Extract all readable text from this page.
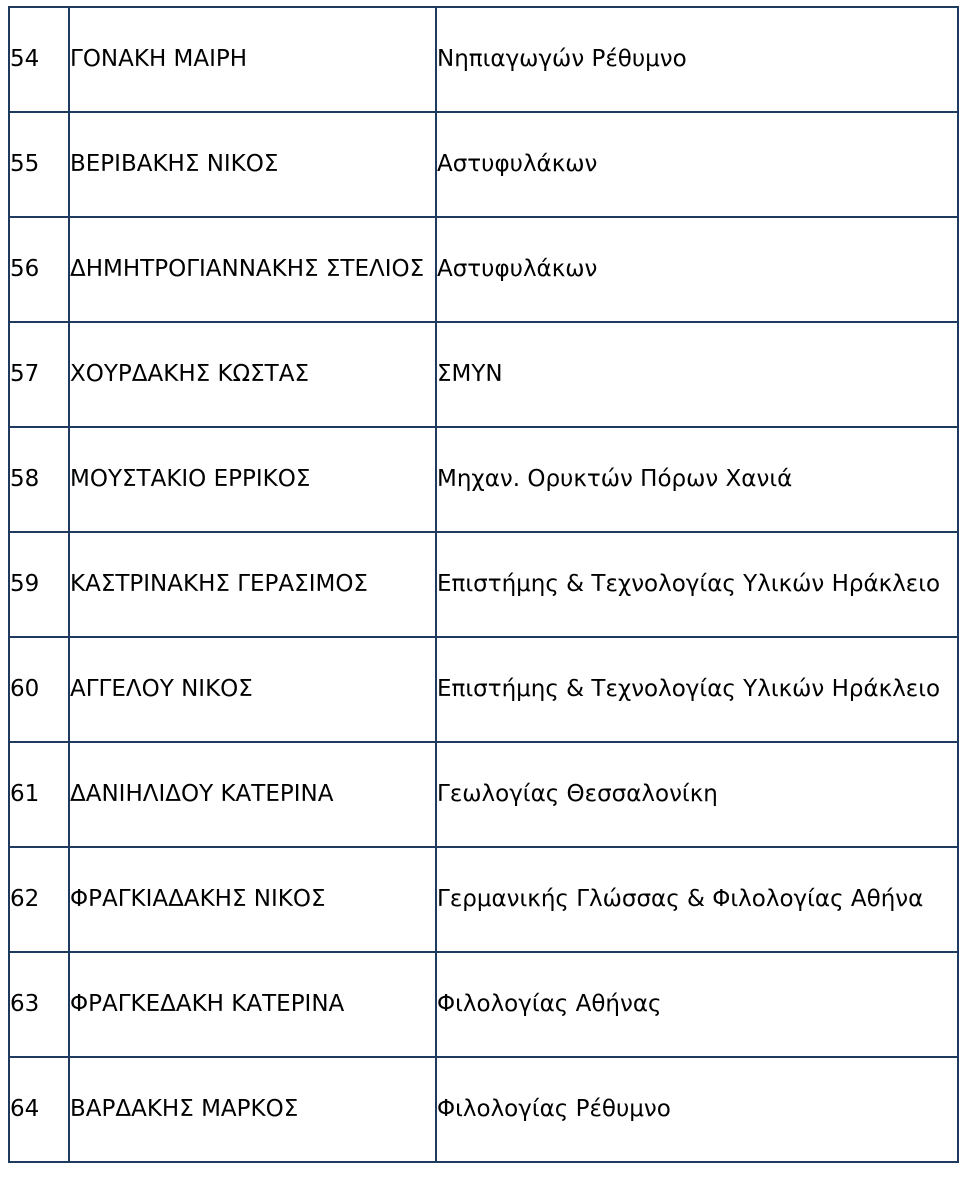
54	ΓΟΝΑΚΗ ΜΑΙΡΗ	Νηπιαγωγών Ρέθυμνο
55	ΒΕΡΙΒΑΚΗΣ ΝΙΚΟΣ	Αστυφυλάκων
56	ΔΗΜΗΤΡΟΓΙΑΝΝΑΚΗΣ ΣΤΕΛΙΟΣ	Αστυφυλάκων
57	ΧΟΥΡΔΑΚΗΣ ΚΩΣΤΑΣ	ΣΜΥΝ
58	ΜΟΥΣΤΑΚΙΟ ΕΡΡΙΚΟΣ	Μηχαν. Ορυκτών Πόρων Χανιά
59	ΚΑΣΤΡΙΝΑΚΗΣ ΓΕΡΑΣΙΜΟΣ	Επιστήμης & Τεχνολογίας Υλικών Ηράκλειο
60	ΑΓΓΕΛΟΥ ΝΙΚΟΣ	Επιστήμης & Τεχνολογίας Υλικών Ηράκλειο
61	ΔΑΝΙΗΛΙΔΟΥ ΚΑΤΕΡΙΝΑ	Γεωλογίας Θεσσαλονίκη
62	ΦΡΑΓΚΙΑΔΑΚΗΣ ΝΙΚΟΣ	Γερμανικής Γλώσσας & Φιλολογίας Αθήνα
63	ΦΡΑΓΚΕΔΑΚΗ ΚΑΤΕΡΙΝΑ	Φιλολογίας Αθήνας
64	ΒΑΡΔΑΚΗΣ ΜΑΡΚΟΣ	Φιλολογίας Ρέθυμνο
